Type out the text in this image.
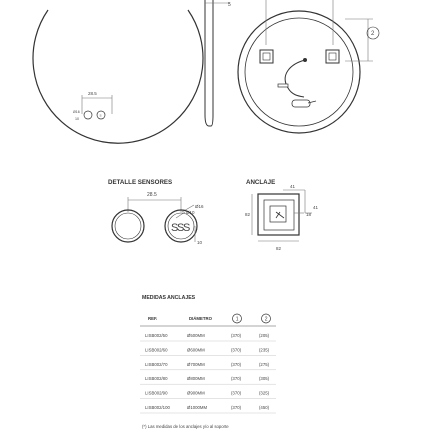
28.5
S
Ø16
10
5
2
DETALLE SENSORES
28.5
Ø16
Ø10
S
S
S
10
ANCLAJE
41
41
82
82
18
MEDIDAS ANCLAJES
REF.	DIÁMETRO	1	2
LISB002/50	Ø500MM	(370)	(205)
LISB002/60	Ø600MM	(370)	(235)
LISB002/70	Ø700MM	(370)	(275)
LISB002/80	Ø800MM	(370)	(305)
LISB002/90	Ø900MM	(370)	(325)
LISB002/100	Ø1000MM	(370)	(450)
(*) Las medidas de los anclajes y/o al soporte
